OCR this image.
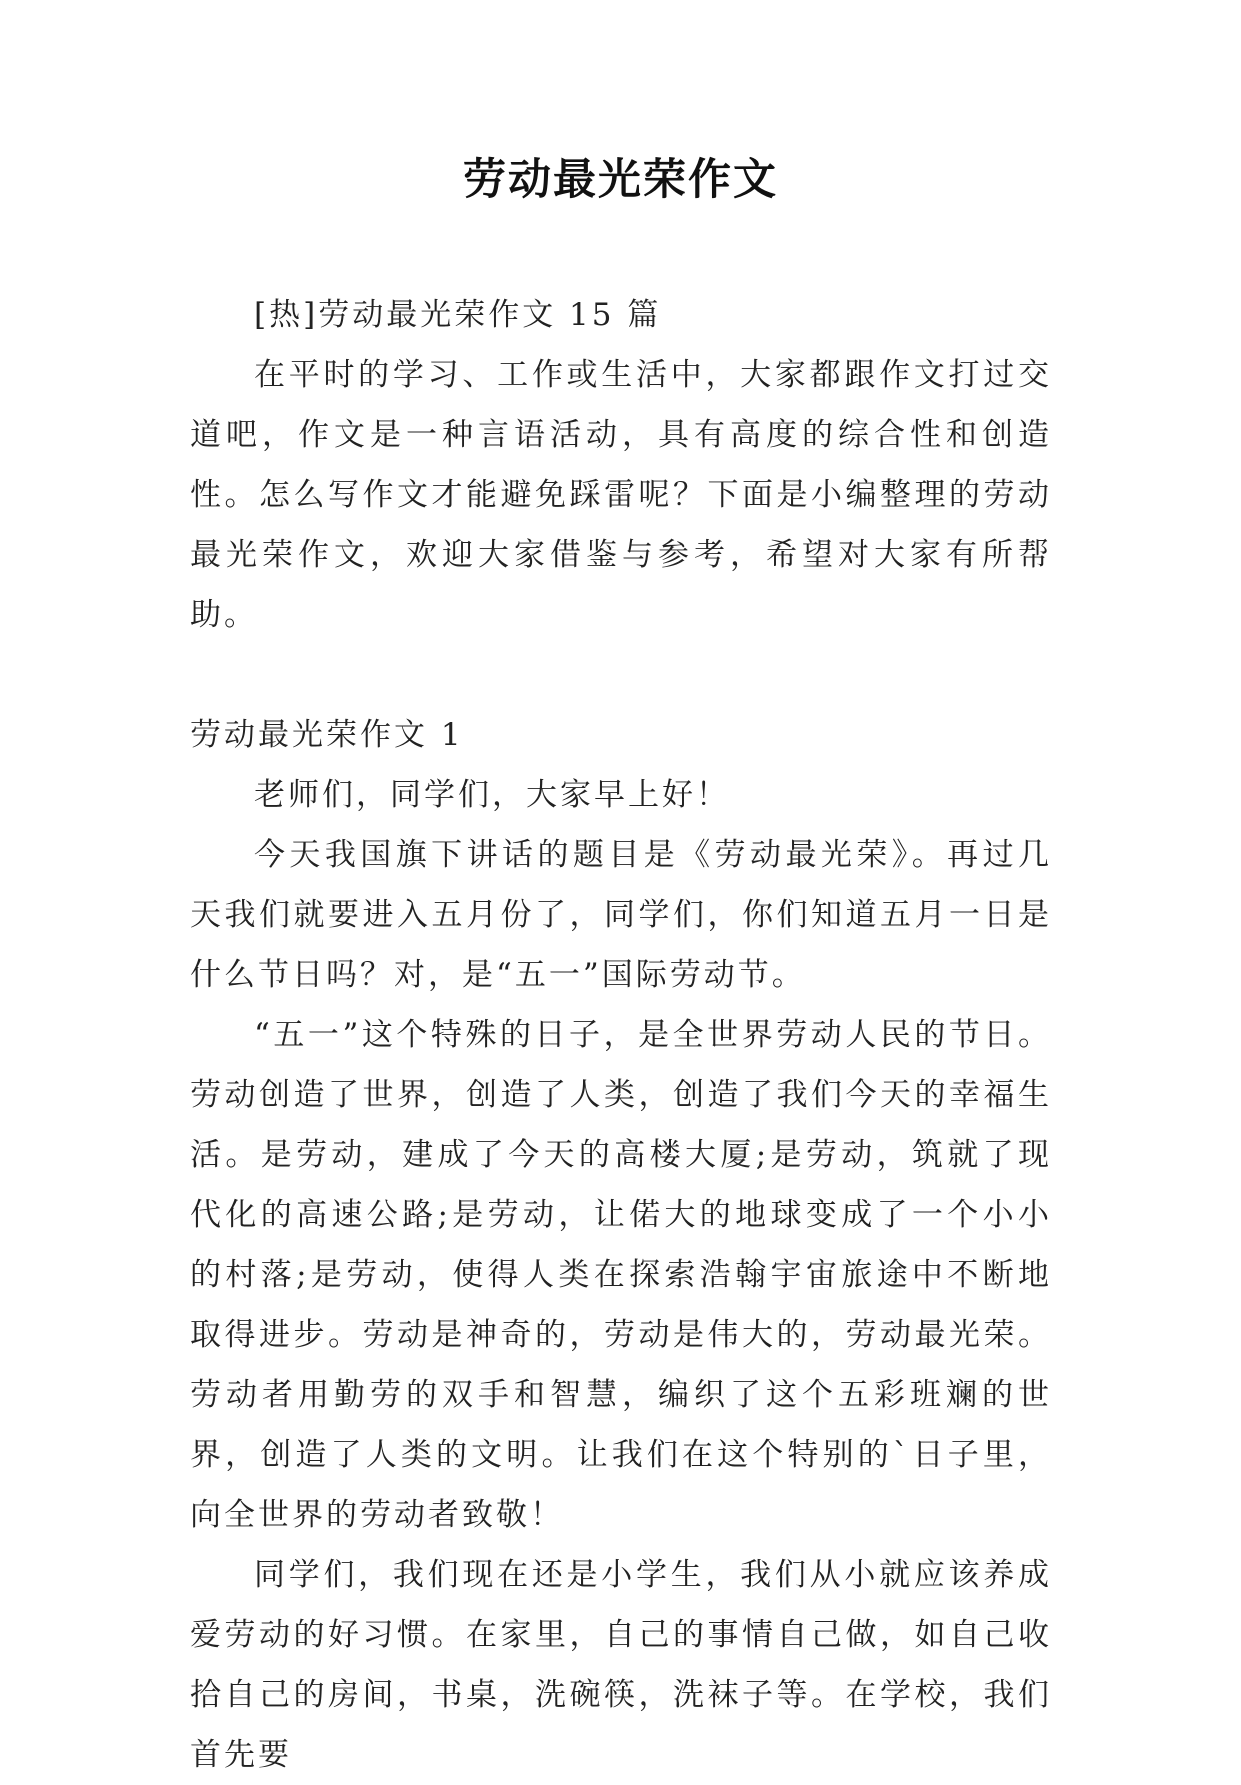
劳动最光荣作文

[热]劳动最光荣作文 15 篇

在平时的学习、工作或生活中，大家都跟作文打过交道吧，作文是一种言语活动，具有高度的综合性和创造性。怎么写作文才能避免踩雷呢？下面是小编整理的劳动最光荣作文，欢迎大家借鉴与参考，希望对大家有所帮助。

劳动最光荣作文 1

老师们，同学们，大家早上好！

今天我国旗下讲话的题目是《劳动最光荣》。再过几天我们就要进入五月份了，同学们，你们知道五月一日是什么节日吗？对，是“五一”国际劳动节。

“五一”这个特殊的日子，是全世界劳动人民的节日。劳动创造了世界，创造了人类，创造了我们今天的幸福生活。是劳动，建成了今天的高楼大厦;是劳动，筑就了现代化的高速公路;是劳动，让偌大的地球变成了一个小小的村落;是劳动，使得人类在探索浩翰宇宙旅途中不断地取得进步。劳动是神奇的，劳动是伟大的，劳动最光荣。劳动者用勤劳的双手和智慧，编织了这个五彩班斓的世界，创造了人类的文明。让我们在这个特别的`日子里，向全世界的劳动者致敬！

同学们，我们现在还是小学生，我们从小就应该养成爱劳动的好习惯。在家里，自己的事情自己做，如自己收拾自己的房间，书桌，洗碗筷，洗袜子等。在学校，我们首先要
